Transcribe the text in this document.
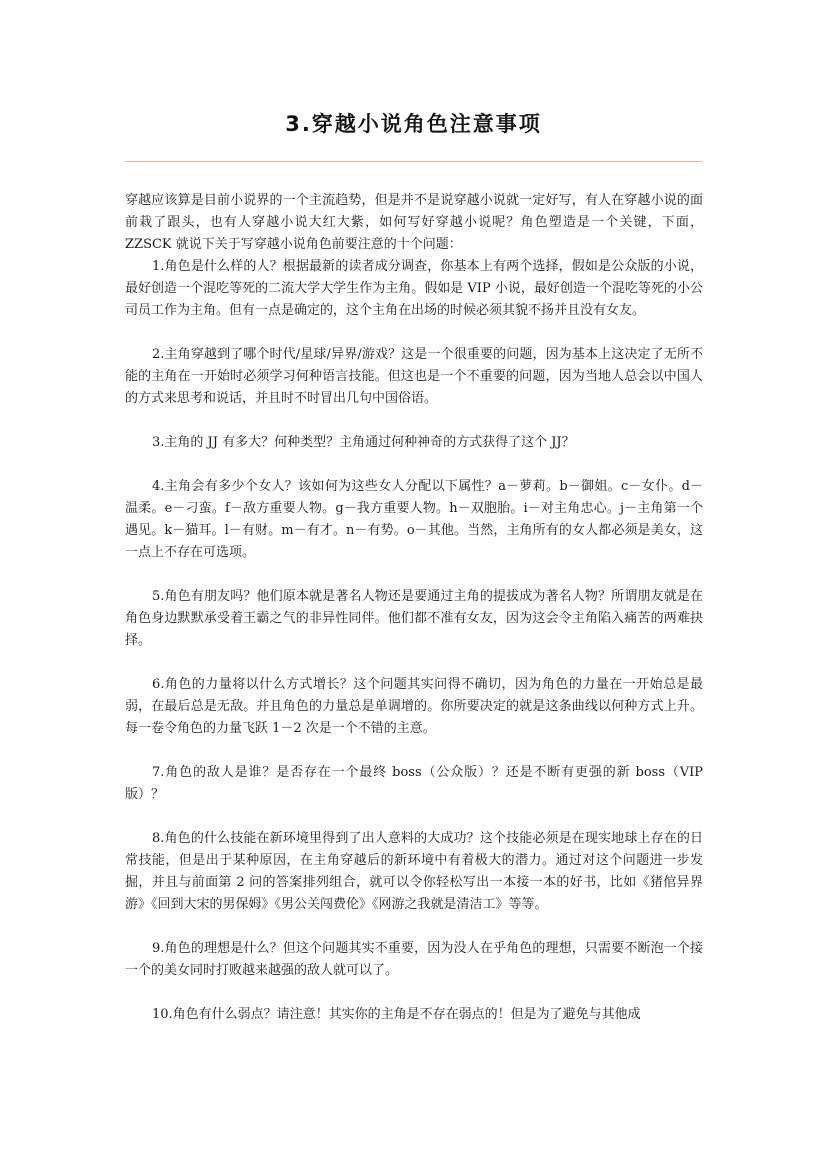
3.穿越小说角色注意事项

穿越应该算是目前小说界的一个主流趋势，但是并不是说穿越小说就一定好写，有人在穿越小说的面前栽了跟头，也有人穿越小说大红大紫，如何写好穿越小说呢？角色塑造是一个关键，下面，ZZSCK 就说下关于写穿越小说角色前要注意的十个问题：

1.角色是什么样的人？根据最新的读者成分调查，你基本上有两个选择，假如是公众版的小说，最好创造一个混吃等死的二流大学大学生作为主角。假如是 VIP 小说，最好创造一个混吃等死的小公司员工作为主角。但有一点是确定的，这个主角在出场的时候必须其貌不扬并且没有女友。

2.主角穿越到了哪个时代/星球/异界/游戏？这是一个很重要的问题，因为基本上这决定了无所不能的主角在一开始时必须学习何种语言技能。但这也是一个不重要的问题，因为当地人总会以中国人的方式来思考和说话，并且时不时冒出几句中国俗语。

3.主角的 JJ 有多大？何种类型？主角通过何种神奇的方式获得了这个 JJ？

4.主角会有多少个女人？该如何为这些女人分配以下属性？a－萝莉。b－御姐。c－女仆。d－温柔。e－刁蛮。f－敌方重要人物。g－我方重要人物。h－双胞胎。i－对主角忠心。j－主角第一个遇见。k－猫耳。l－有财。m－有才。n－有势。o－其他。当然，主角所有的女人都必须是美女，这一点上不存在可选项。

5.角色有朋友吗？他们原本就是著名人物还是要通过主角的提拔成为著名人物？所谓朋友就是在角色身边默默承受着王霸之气的非异性同伴。他们都不准有女友，因为这会令主角陷入痛苦的两难抉择。

6.角色的力量将以什么方式增长？这个问题其实问得不确切，因为角色的力量在一开始总是最弱，在最后总是无敌。并且角色的力量总是单调增的。你所要决定的就是这条曲线以何种方式上升。每一卷令角色的力量飞跃 1－2 次是一个不错的主意。

7.角色的敌人是谁？是否存在一个最终 boss（公众版）？还是不断有更强的新 boss（VIP 版）？

8.角色的什么技能在新环境里得到了出人意料的大成功？这个技能必须是在现实地球上存在的日常技能，但是出于某种原因，在主角穿越后的新环境中有着极大的潜力。通过对这个问题进一步发掘，并且与前面第 2 问的答案排列组合，就可以令你轻松写出一本接一本的好书，比如《猪倌异界游》《回到大宋的男保姆》《男公关闯费伦》《网游之我就是清洁工》等等。

9.角色的理想是什么？但这个问题其实不重要，因为没人在乎角色的理想，只需要不断泡一个接一个的美女同时打败越来越强的敌人就可以了。

10.角色有什么弱点？请注意！其实你的主角是不存在弱点的！但是为了避免与其他成
